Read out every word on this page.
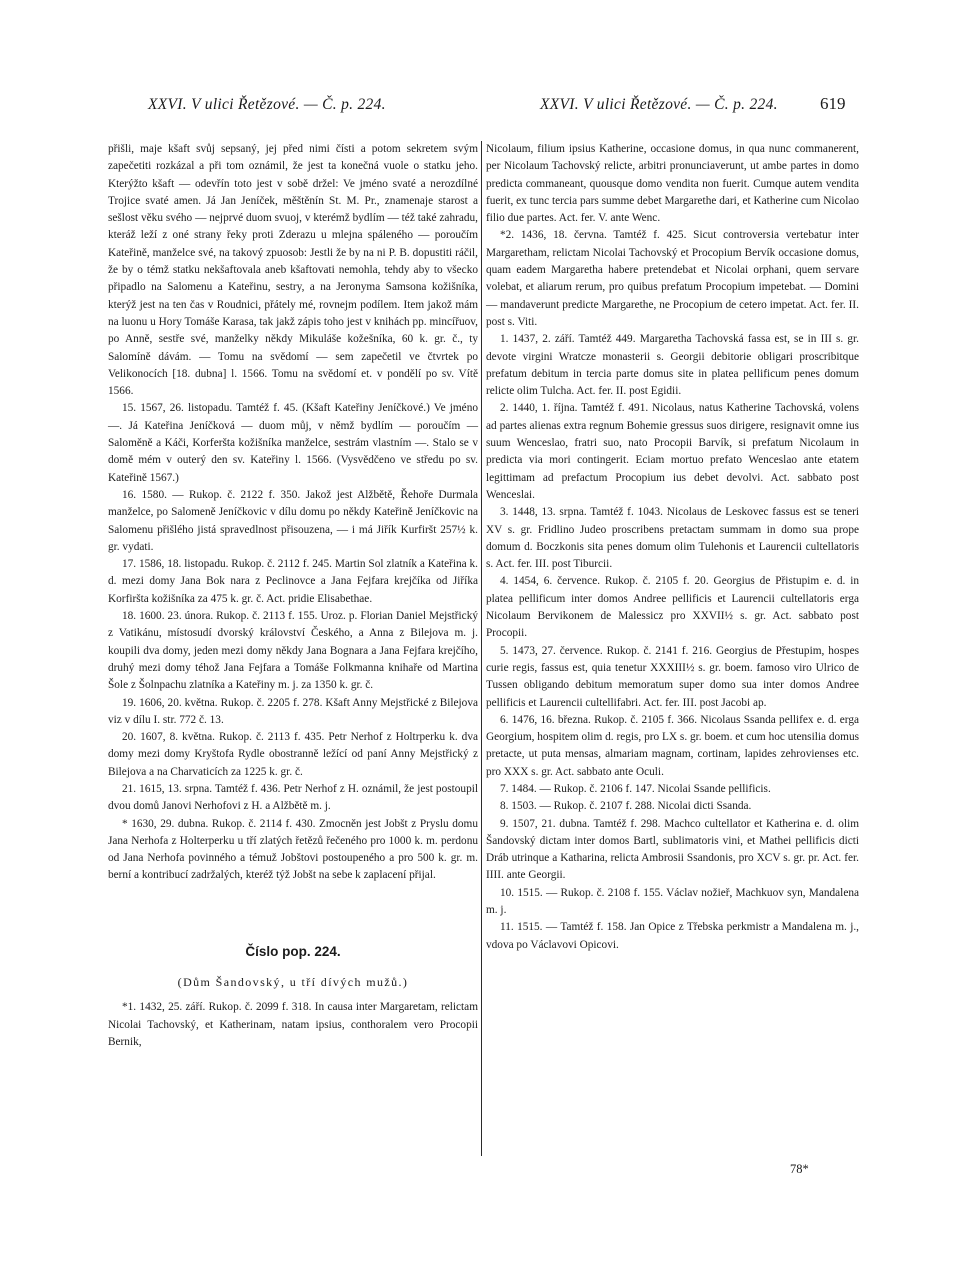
XXVI. V ulici Řetězové. — Č. p. 224.	XXVI. V ulici Řetězové. — Č. p. 224. 619

přišli, maje kšaft svůj sepsaný, jej před nimi čísti a potom sekretem svým zapečetiti rozkázal a při tom oznámil, že jest ta konečná vuole o statku jeho. Kterýžto kšaft — odevřín toto jest v sobě držel: Ve jméno svaté a nerozdílné Trojice svaté amen. Já Jan Jeníček, měštěnín St. M. Pr., znamenaje starost a sešlost věku svého — nejprvé duom svuoj, v kterémž bydlím — též také zahradu, kteráž leží z oné strany řeky proti Zderazu u mlejna spáleného — poroučím Kateřině, manželce své, na takový zpuosob: Jestli že by na ni P. B. dopustiti ráčil, že by o témž statku nekšaftovala aneb kšaftovati nemohla, tehdy aby to všecko připadlo na Salomenu a Kateřinu, sestry, a na Jeronyma Samsona kožišníka, kterýž jest na ten čas v Roudnici, přátely mé, rovnejm podílem. Item jakož mám na luonu u Hory Tomáše Karasa, tak jakž zápis toho jest v knihách pp. mincířuov, po Anně, sestře své, manželky někdy Mikuláše kožešníka, 60 k. gr. č., ty Salomíně dávám. — Tomu na svědomí — sem zapečetil ve čtvrtek po Velikonocích [18. dubna] l. 1566. Tomu na svědomí et. v pondělí po sv. Vítě 1566.

15. 1567, 26. listopadu. Tamtéž f. 45. (Kšaft Kateřiny Jeníčkové.) Ve jméno —. Já Kateřina Jeníčková — duom můj, v němž bydlím — poroučím — Saloměně a Káči, Korferšta kožišníka manželce, sestrám vlastním —. Stalo se v domě mém v outerý den sv. Kateřiny l. 1566. (Vysvědčeno ve středu po sv. Kateřině 1567.)

16. 1580. — Rukop. č. 2122 f. 350. Jakož jest Alžbětě, Řehoře Durmala manželce, po Salomeně Jeníčkovic v dílu domu po někdy Kateřině Jeníčkovic na Salomenu přišlého jistá spravedlnost přisouzena, — i má Jiřík Kurfiršt 257½ k. gr. vydati.

17. 1586, 18. listopadu. Rukop. č. 2112 f. 245. Martin Sol zlatník a Kateřina k. d. mezi domy Jana Bok nara z Peclinovce a Jana Fejfara krejčíka od Jiříka Korfiršta kožišníka za 475 k. gr. č. Act. pridie Elisabethae.

18. 1600. 23. února. Rukop. č. 2113 f. 155. Uroz. p. Florian Daniel Mejstřický z Vatikánu, místosudí dvorský království Českého, a Anna z Bilejova m. j. koupili dva domy, jeden mezi domy někdy Jana Bognara a Jana Fejfara krejčího, druhý mezi domy téhož Jana Fejfara a Tomáše Folkmanna knihaře od Martina Šole z Šolnpachu zlatníka a Kateřiny m. j. za 1350 k. gr. č.

19. 1606, 20. května. Rukop. č. 2205 f. 278. Kšaft Anny Mejstřické z Bilejova viz v dílu I. str. 772 č. 13.

20. 1607, 8. května. Rukop. č. 2113 f. 435. Petr Nerhof z Holtrperku k. dva domy mezi domy Kryštofa Rydle obostranně ležící od paní Anny Mejstřický z Bilejova a na Charvaticích za 1225 k. gr. č.

21. 1615, 13. srpna. Tamtéž f. 436. Petr Nerhof z H. oznámil, že jest postoupil dvou domů Janovi Nerhofovi z H. a Alžbětě m. j.

* 1630, 29. dubna. Rukop. č. 2114 f. 430. Zmocněn jest Jobšt z Pryslu domu Jana Nerhofa z Holterperku u tří zlatých řetězů řečeného pro 1000 k. m. perdonu od Jana Nerhofa povinného a témuž Jobštovi postoupeného a pro 500 k. gr. m. berní a kontribucí zadržalých, kteréž týž Jobšt na sebe k zaplacení přijal.

Číslo pop. 224.

(Dům Šandovský, u tří dívých mužů.)

*1. 1432, 25. září. Rukop. č. 2099 f. 318. In causa inter Margaretam, relictam Nicolai Tachovský, et Katherinam, natam ipsius, conthoralem vero Procopii Bernik,

Nicolaum, filium ipsius Katherine, occasione domus, in qua nunc commanerent, per Nicolaum Tachovský relicte, arbitri pronunciaverunt, ut ambe partes in domo predicta commaneant, quousque domo vendita non fuerit. Cumque autem vendita fuerit, ex tunc tercia pars summe debet Margarethe dari, et Katherine cum Nicolao filio due partes. Act. fer. V. ante Wenc.

*2. 1436, 18. června. Tamtéž f. 425. Sicut controversia vertebatur inter Margaretham, relictam Nicolai Tachovský et Procopium Bervík occasione domus, quam eadem Margaretha habere pretendebat et Nicolai orphani, quem servare volebat, et aliarum rerum, pro quibus prefatum Procopium impetebat. — Domini — mandaverunt predicte Margarethe, ne Procopium de cetero impetat. Act. fer. II. post s. Viti.

1. 1437, 2. září. Tamtéž 449. Margaretha Tachovská fassa est, se in III s. gr. devote virgini Wratcze monasterii s. Georgii debitorie obligari proscribitque prefatum debitum in tercia parte domus site in platea pellificum penes domum relicte olim Tulcha. Act. fer. II. post Egidii.

2. 1440, 1. října. Tamtéž f. 491. Nicolaus, natus Katherine Tachovská, volens ad partes alienas extra regnum Bohemie gressus suos dirigere, resignavit omne ius suum Wenceslao, fratri suo, nato Procopii Barvík, si prefatum Nicolaum in predicta via mori contingerit. Eciam mortuo prefato Wenceslao ante etatem legittimam ad prefactum Procopium ius debet devolvi. Act. sabbato post Wenceslai.

3. 1448, 13. srpna. Tamtéž f. 1043. Nicolaus de Leskovec fassus est se teneri XV s. gr. Fridlino Judeo proscribens pretactam summam in domo sua prope domum d. Boczkonis sita penes domum olim Tulehonis et Laurencii cultellatoris s. Act. fer. III. post Tiburcii.

4. 1454, 6. července. Rukop. č. 2105 f. 20. Georgius de Přistupim e. d. in platea pellificum inter domos Andree pellificis et Laurencii cultellatoris erga Nicolaum Bervikonem de Malessicz pro XXVII½ s. gr. Act. sabbato post Procopii.

5. 1473, 27. července. Rukop. č. 2141 f. 216. Georgius de Přestupim, hospes curie regis, fassus est, quia tenetur XXXIII½ s. gr. boem. famoso viro Ulrico de Tussen obligando debitum memoratum super domo sua inter domos Andree pellificis et Laurencii cultellifabri. Act. fer. III. post Jacobi ap.

6. 1476, 16. března. Rukop. č. 2105 f. 366. Nicolaus Ssanda pellifex e. d. erga Georgium, hospitem olim d. regis, pro LX s. gr. boem. et cum hoc utensilia domus pretacte, ut puta mensas, almariam magnam, cortinam, lapides zehrovienses etc. pro XXX s. gr. Act. sabbato ante Oculi.

7. 1484. — Rukop. č. 2106 f. 147. Nicolai Ssande pellificis.

8. 1503. — Rukop. č. 2107 f. 288. Nicolai dicti Ssanda.

9. 1507, 21. dubna. Tamtéž f. 298. Machco cultellator et Katherina e. d. olim Šandovský dictam inter domos Bartl, sublimatoris vini, et Mathei pellificis dicti Dráb utrinque a Katharina, relicta Ambrosii Ssandonis, pro XCV s. gr. pr. Act. fer. IIII. ante Georgii.

10. 1515. — Rukop. č. 2108 f. 155. Václav nožieř, Machkuov syn, Mandalena m. j.

11. 1515. — Tamtéž f. 158. Jan Opice z Třebska perkmistr a Mandalena m. j., vdova po Václavovi Opicovi.

78*
